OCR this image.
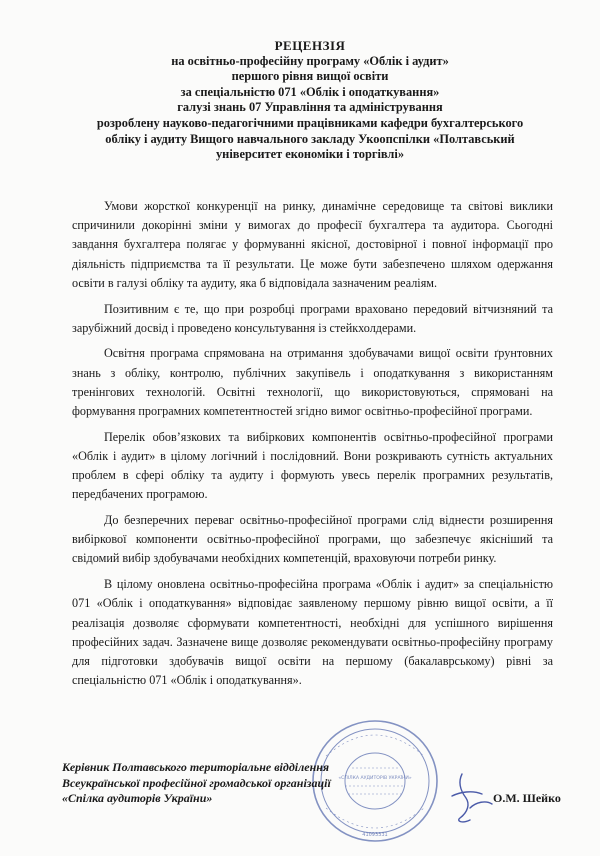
РЕЦЕНЗІЯ
на освітньо-професійну програму «Облік і аудит»
першого рівня вищої освіти
за спеціальністю 071 «Облік і оподаткування»
галузі знань 07 Управління та адміністрування
розроблену науково-педагогічними працівниками кафедри бухгалтерського
обліку і аудиту Вищого навчального закладу Укоопспілки «Полтавський
університет економіки і торгівлі»

Умови жорсткої конкуренції на ринку, динамічне середовище та світові виклики спричинили докорінні зміни у вимогах до професії бухгалтера та аудитора. Сьогодні завдання бухгалтера полягає у формуванні якісної, достовірної і повної інформації про діяльність підприємства та її результати. Це може бути забезпечено шляхом одержання освіти в галузі обліку та аудиту, яка б відповідала зазначеним реаліям.

Позитивним є те, що при розробці програми враховано передовий вітчизняний та зарубіжний досвід і проведено консультування із стейкхолдерами.

Освітня програма спрямована на отримання здобувачами вищої освіти ґрунтовних знань з обліку, контролю, публічних закупівель і оподаткування з використанням тренінгових технологій. Освітні технології, що використовуються, спрямовані на формування програмних компетентностей згідно вимог освітньо-професійної програми.

Перелік обов’язкових та вибіркових компонентів освітньо-професійної програми «Облік і аудит» в цілому логічний і послідовний. Вони розкривають сутність актуальних проблем в сфері обліку та аудиту і формують увесь перелік програмних результатів, передбачених програмою.

До безперечних переваг освітньо-професійної програми слід віднести розширення вибіркової компоненти освітньо-професійної програми, що забезпечує якісніший та свідомий вибір здобувачами необхідних компетенцій, враховуючи потреби ринку.

В цілому оновлена освітньо-професійна програма «Облік і аудит» за спеціальністю 071 «Облік і оподаткування» відповідає заявленому першому рівню вищої освіти, а її реалізація дозволяє сформувати компетентності, необхідні для успішного вирішення професійних задач. Зазначене вище дозволяє рекомендувати освітньо-професійну програму для підготовки здобувачів вищої освіти на першому (бакалаврському) рівні за спеціальністю 071 «Облік і оподаткування».

«СПІЛКА АУДИТОРІВ УКРАЇНИ»
41093331
Керівник Полтавського територіальне відділення
Всеукраїнської професійної громадської організації
«Спілка аудиторів України»	О.М. Шейко
